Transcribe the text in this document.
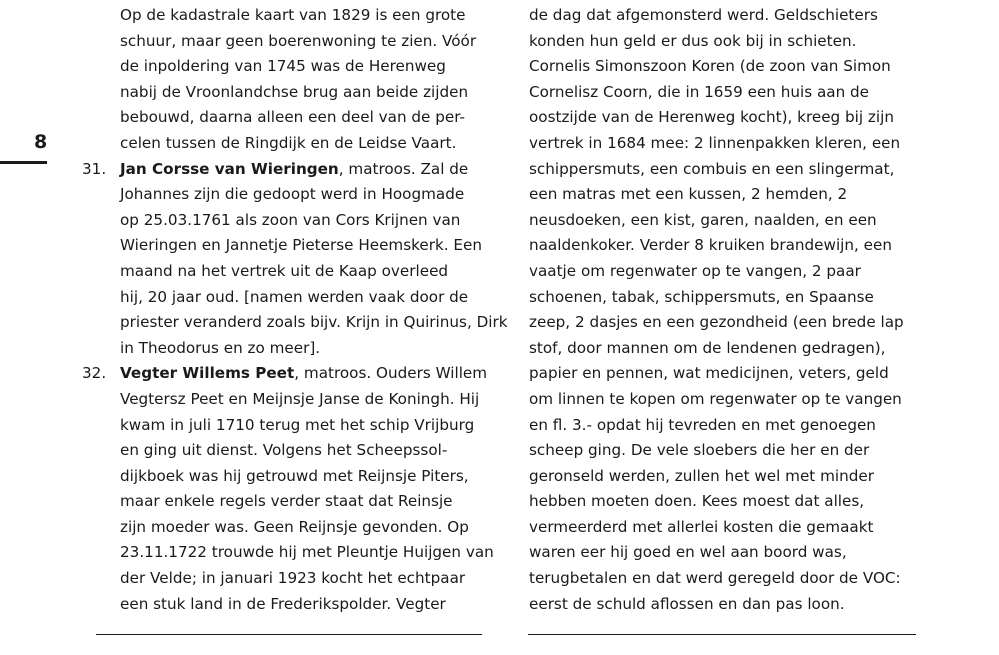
8
Op de kadastrale kaart van 1829 is een grote
schuur, maar geen boerenwoning te zien. Vóór
de inpoldering van 1745 was de Herenweg
nabij de Vroonlandchse brug aan beide zijden
bebouwd, daarna alleen een deel van de per-
celen tussen de Ringdijk en de Leidse Vaart.
31. Jan Corsse van Wieringen, matroos. Zal de
Johannes zijn die gedoopt werd in Hoogmade
op 25.03.1761 als zoon van Cors Krijnen van
Wieringen en Jannetje Pieterse Heemskerk. Een
maand na het vertrek uit de Kaap overleed
hij, 20 jaar oud. [namen werden vaak door de
priester veranderd zoals bijv. Krijn in Quirinus, Dirk
in Theodorus en zo meer].
32. Vegter Willems Peet, matroos. Ouders Willem
Vegtersz Peet en Meijnsje Janse de Koningh. Hij
kwam in juli 1710 terug met het schip Vrijburg
en ging uit dienst. Volgens het Scheepssol-
dijkboek was hij getrouwd met Reijnsje Piters,
maar enkele regels verder staat dat Reinsje
zijn moeder was. Geen Reijnsje gevonden. Op
23.11.1722 trouwde hij met Pleuntje Huijgen van
der Velde; in januari 1923 kocht het echtpaar
een stuk land in de Frederikspolder. Vegter
de dag dat afgemonsterd werd. Geldschieters
konden hun geld er dus ook bij in schieten.
Cornelis Simonszoon Koren (de zoon van Simon
Cornelisz Coorn, die in 1659 een huis aan de
oostzijde van de Herenweg kocht), kreeg bij zijn
vertrek in 1684 mee: 2 linnenpakken kleren, een
schippersmuts, een combuis en een slingermat,
een matras met een kussen, 2 hemden, 2
neusdoeken, een kist, garen, naalden, en een
naaldenkoker. Verder 8 kruiken brandewijn, een
vaatje om regenwater op te vangen, 2 paar
schoenen, tabak, schippersmuts, en Spaanse
zeep, 2 dasjes en een gezondheid (een brede lap
stof, door mannen om de lendenen gedragen),
papier en pennen, wat medicijnen, veters, geld
om linnen te kopen om regenwater op te vangen
en fl. 3.- opdat hij tevreden en met genoegen
scheep ging. De vele sloebers die her en der
geronseld werden, zullen het wel met minder
hebben moeten doen. Kees moest dat alles,
vermeerderd met allerlei kosten die gemaakt
waren eer hij goed en wel aan boord was,
terugbetalen en dat werd geregeld door de VOC:
eerst de schuld aflossen en dan pas loon.
